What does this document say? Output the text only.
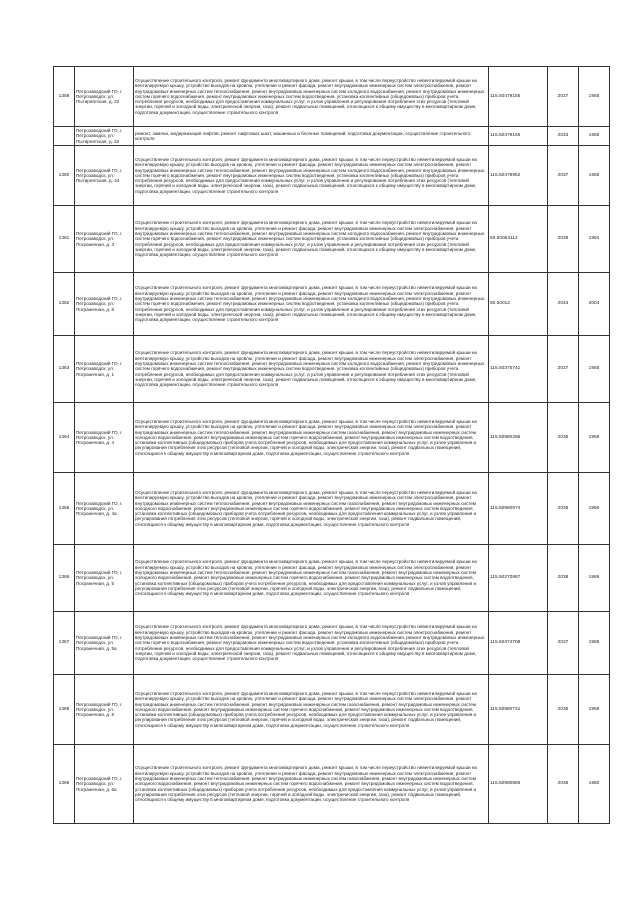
1359	Петрозаводский ГО, г. Петрозаводск, ул. Пытиреятская, д. 32	Осуществление строительного контроля, ремонт фундамента многоквартирного дома, ремонт крыши, в том числе переустройство невентилируемой крыши на вентилируемую крышу, устройство выходов на кровлю, утепление и ремонт фасада, ремонт внутридомовых инженерных систем электроснабжения, ремонт внутридомовых инженерных систем теплоснабжения, ремонт внутридомовых инженерных систем холодного водоснабжения, ремонт внутридомовых инженерных систем горячего водоснабжения, ремонт внутридомовых инженерных систем водоотведения, установка коллективных (общедомовых) приборов учета потребления ресурсов, необходимых для предоставления коммунальных услуг, и узлов управления и регулирования потребления этих ресурсов (тепловой энергии, горячей и холодной воды, электрической энергии, газа), ремонт подвальных помещений, относящихся к общему имуществу в многоквартирном доме, подготовка документации, осуществление строительного контроля	115.50479155	2037	1955
	Петрозаводский ГО, г. Петрозаводск, ул. Пытиреятская, д. 32	ремонт, замена, модернизация лифтов, ремонт лифтовых шахт, машинных и блочных помещений, подготовка документации, осуществление строительного контроля	115.50479155	2033	1955
1360	Петрозаводский ГО, г. Петрозаводск, ул. Пытиреятская, д. 34	Осуществление строительного контроля, ремонт фундамента многоквартирного дома, ремонт крыши, в том числе переустройство невентилируемой крыши на вентилируемую крышу, устройство выходов на кровлю, утепление и ремонт фасада, ремонт внутридомовых инженерных систем электроснабжения, ремонт внутридомовых инженерных систем теплоснабжения, ремонт внутридомовых инженерных систем холодного водоснабжения, ремонт внутридомовых инженерных систем горячего водоснабжения, ремонт внутридомовых инженерных систем водоотведения, установка коллективных (общедомовых) приборов учета потребления ресурсов, необходимых для предоставления коммунальных услуг, и узлов управления и регулирования потребления этих ресурсов (тепловой энергии, горячей и холодной воды, электрической энергии, газа), ремонт подвальных помещений, относящихся к общему имуществу в многоквартирном доме, подготовка документации, осуществление строительного контроля	115.50478962	2037	1955
1361	Петрозаводский ГО, г. Петрозаводск, ул. Пограничная, д. 3	Осуществление строительного контроля, ремонт фундамента многоквартирного дома, ремонт крыши, в том числе переустройство невентилируемой крыши на вентилируемую крышу, устройство выходов на кровлю, утепление и ремонт фасада, ремонт внутридомовых инженерных систем электроснабжения, ремонт внутридомовых инженерных систем теплоснабжения, ремонт внутридомовых инженерных систем холодного водоснабжения, ремонт внутридомовых инженерных систем горячего водоснабжения, ремонт внутридомовых инженерных систем водоотведения, установка коллективных (общедомовых) приборов учета потребления ресурсов, необходимых для предоставления коммунальных услуг, и узлов управления и регулирования потребления этих ресурсов (тепловой энергии, горячей и холодной воды, электрической энергии, газа), ремонт подвальных помещений, относящихся к общему имуществу в многоквартирном доме, подготовка документации, осуществление строительного контроля	93.50063112	2038	1994
1362	Петрозаводский ГО, г. Петрозаводск, ул. Пограничная, д. 8	Осуществление строительного контроля, ремонт фундамента многоквартирного дома, ремонт крыши, в том числе переустройство невентилируемой крыши на вентилируемую крышу, устройство выходов на кровлю, утепление и ремонт фасада, ремонт внутридомовых инженерных систем электроснабжения, ремонт внутридомовых инженерных систем теплоснабжения, ремонт внутридомовых инженерных систем холодного водоснабжения, ремонт внутридомовых инженерных систем горячего водоснабжения, ремонт внутридомовых инженерных систем водоотведения, установка коллективных (общедомовых) приборов учета потребления ресурсов, необходимых для предоставления коммунальных услуг, и узлов управления и регулирования потребления этих ресурсов (тепловой энергии, горячей и холодной воды, электрической энергии, газа), ремонт подвальных помещений, относящихся к общему имуществу в многоквартирном доме, подготовка документации, осуществление строительного контроля	50.50012	2043	2004
1363	Петрозаводский ГО, г. Петрозаводск, ул. Пограничная, д. 1	Осуществление строительного контроля, ремонт фундамента многоквартирного дома, ремонт крыши, в том числе переустройство невентилируемой крыши на вентилируемую крышу, устройство выходов на кровлю, утепление и ремонт фасада, ремонт внутридомовых инженерных систем электроснабжения, ремонт внутридомовых инженерных систем теплоснабжения, ремонт внутридомовых инженерных систем холодного водоснабжения, ремонт внутридомовых инженерных систем горячего водоснабжения, ремонт внутридомовых инженерных систем водоотведения, установка коллективных (общедомовых) приборов учета потребления ресурсов, необходимых для предоставления коммунальных услуг, и узлов управления и регулирования потребления этих ресурсов (тепловой энергии, горячей и холодной воды, электрической энергии, газа), ремонт подвальных помещений, относящихся к общему имуществу в многоквартирном доме, подготовка документации, осуществление строительного контроля	115.50375741	2037	1955
1364	Петрозаводский ГО, г. Петрозаводск, ул. Пограничная, д. 4	Осуществление строительного контроля, ремонт фундамента многоквартирного дома, ремонт крыши, в том числе переустройство невентилируемой крыши на вентилируемую крышу, устройство выходов на кровлю, утепление и ремонт фасада, ремонт внутридомовых инженерных систем электроснабжения, ремонт внутридомовых инженерных систем теплоснабжения, ремонт внутридомовых инженерных систем газоснабжения, ремонт внутридомовых инженерных систем холодного водоснабжения, ремонт внутридомовых инженерных систем горячего водоснабжения, ремонт внутридомовых инженерных систем водоотведения, установка коллективных (общедомовых) приборов учета потребления ресурсов, необходимых для предоставления коммунальных услуг, и узлов управления и регулирования потребления этих ресурсов (тепловой энергии, горячей и холодной воды, электрической энергии, газа), ремонт подвальных помещений, относящихся к общему имуществу в многоквартирном доме, подготовка документации, осуществление строительного контроля	115.50980296	2036	1959
1365	Петрозаводский ГО, г. Петрозаводск, ул. Пограничная, д. 4а	Осуществление строительного контроля, ремонт фундамента многоквартирного дома, ремонт крыши, в том числе переустройство невентилируемой крыши на вентилируемую крышу, устройство выходов на кровлю, утепление и ремонт фасада, ремонт внутридомовых инженерных систем электроснабжения, ремонт внутридомовых инженерных систем теплоснабжения, ремонт внутридомовых инженерных систем газоснабжения, ремонт внутридомовых инженерных систем холодного водоснабжения, ремонт внутридомовых инженерных систем горячего водоснабжения, ремонт внутридомовых инженерных систем водоотведения, установка коллективных (общедомовых) приборов учета потребления ресурсов, необходимых для предоставления коммунальных услуг, и узлов управления и регулирования потребления этих ресурсов (тепловой энергии, горячей и холодной воды, электрической энергии, газа), ремонт подвальных помещений, относящихся к общему имуществу в многоквартирном доме, подготовка документации, осуществление строительного контроля	115.50980974	2036	1960
1366	Петрозаводский ГО, г. Петрозаводск, ул. Пограничная, д. 5	Осуществление строительного контроля, ремонт фундамента многоквартирного дома, ремонт крыши, в том числе переустройство невентилируемой крыши на вентилируемую крышу, устройство выходов на кровлю, утепление и ремонт фасада, ремонт внутридомовых инженерных систем электроснабжения, ремонт внутридомовых инженерных систем теплоснабжения, ремонт внутридомовых инженерных систем газоснабжения, ремонт внутридомовых инженерных систем холодного водоснабжения, ремонт внутридомовых инженерных систем горячего водоснабжения, ремонт внутридомовых инженерных систем водоотведения, установка коллективных (общедомовых) приборов учета потребления ресурсов, необходимых для предоставления коммунальных услуг, и узлов управления и регулирования потребления этих ресурсов (тепловой энергии, горячей и холодной воды, электрической энергии, газа), ремонт подвальных помещений, относящихся к общему имуществу в многоквартирном доме, подготовка документации, осуществление строительного контроля	115.50270867	2038	1965
1367	Петрозаводский ГО, г. Петрозаводск, ул. Пограничная, д. 5а	Осуществление строительного контроля, ремонт фундамента многоквартирного дома, ремонт крыши, в том числе переустройство невентилируемой крыши на вентилируемую крышу, устройство выходов на кровлю, утепление и ремонт фасада, ремонт внутридомовых инженерных систем электроснабжения, ремонт внутридомовых инженерных систем теплоснабжения, ремонт внутридомовых инженерных систем холодного водоснабжения, ремонт внутридомовых инженерных систем горячего водоснабжения, ремонт внутридомовых инженерных систем водоотведения, установка коллективных (общедомовых) приборов учета потребления ресурсов, необходимых для предоставления коммунальных услуг, и узлов управления и регулирования потребления этих ресурсов (тепловой энергии, горячей и холодной воды, электрической энергии, газа), ремонт подвальных помещений, относящихся к общему имуществу в многоквартирном доме, подготовка документации, осуществление строительного контроля	115.50374708	2037	1965
1368	Петрозаводский ГО, г. Петрозаводск, ул. Пограничная, д. 6	Осуществление строительного контроля, ремонт фундамента многоквартирного дома, ремонт крыши, в том числе переустройство невентилируемой крыши на вентилируемую крышу, устройство выходов на кровлю, утепление и ремонт фасада, ремонт внутридомовых инженерных систем электроснабжения, ремонт внутридомовых инженерных систем теплоснабжения, ремонт внутридомовых инженерных систем газоснабжения, ремонт внутридомовых инженерных систем холодного водоснабжения, ремонт внутридомовых инженерных систем горячего водоснабжения, ремонт внутридомовых инженерных систем водоотведения, установка коллективных (общедомовых) приборов учета потребления ресурсов, необходимых для предоставления коммунальных услуг, и узлов управления и регулирования потребления этих ресурсов (тепловой энергии, горячей и холодной воды, электрической энергии, газа), ремонт подвальных помещений, относящихся к общему имуществу в многоквартирном доме, подготовка документации, осуществление строительного контроля	115.50980731	2036	1959
1369	Петрозаводский ГО, г. Петрозаводск, ул. Пограничная, д. 6а	Осуществление строительного контроля, ремонт фундамента многоквартирного дома, ремонт крыши, в том числе переустройство невентилируемой крыши на вентилируемую крышу, устройство выходов на кровлю, утепление и ремонт фасада, ремонт внутридомовых инженерных систем электроснабжения, ремонт внутридомовых инженерных систем теплоснабжения, ремонт внутридомовых инженерных систем газоснабжения, ремонт внутридомовых инженерных систем холодного водоснабжения, ремонт внутридомовых инженерных систем горячего водоснабжения, ремонт внутридомовых инженерных систем водоотведения, установка коллективных (общедомовых) приборов учета потребления ресурсов, необходимых для предоставления коммунальных услуг, и узлов управления и регулирования потребления этих ресурсов (тепловой энергии, горячей и холодной воды, электрической энергии, газа), ремонт подвальных помещений, относящихся к общему имуществу в многоквартирном доме, подготовка документации, осуществление строительного контроля	115.50980865	2036	1960
